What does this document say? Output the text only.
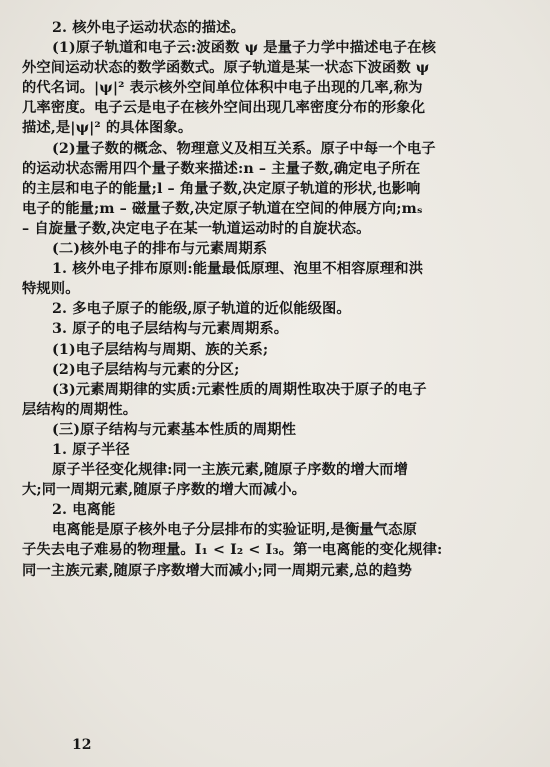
2. 核外电子运动状态的描述。
(1)原子轨道和电子云:波函数 ψ 是量子力学中描述电子在核
外空间运动状态的数学函数式。原子轨道是某一状态下波函数 ψ
的代名词。|ψ|² 表示核外空间单位体积中电子出现的几率,称为
几率密度。电子云是电子在核外空间出现几率密度分布的形象化
描述,是|ψ|² 的具体图象。
(2)量子数的概念、物理意义及相互关系。原子中每一个电子
的运动状态需用四个量子数来描述:n – 主量子数,确定电子所在
的主层和电子的能量;l – 角量子数,决定原子轨道的形状,也影响
电子的能量;m – 磁量子数,决定原子轨道在空间的伸展方向;mₛ
– 自旋量子数,决定电子在某一轨道运动时的自旋状态。
(二)核外电子的排布与元素周期系
1. 核外电子排布原则:能量最低原理、泡里不相容原理和洪
特规则。
2. 多电子原子的能级,原子轨道的近似能级图。
3. 原子的电子层结构与元素周期系。
(1)电子层结构与周期、族的关系;
(2)电子层结构与元素的分区;
(3)元素周期律的实质:元素性质的周期性取决于原子的电子
层结构的周期性。
(三)原子结构与元素基本性质的周期性
1. 原子半径
原子半径变化规律:同一主族元素,随原子序数的增大而增
大;同一周期元素,随原子序数的增大而减小。
2. 电离能
电离能是原子核外电子分层排布的实验证明,是衡量气态原
子失去电子难易的物理量。I₁ < I₂ < I₃。第一电离能的变化规律:
同一主族元素,随原子序数增大而减小;同一周期元素,总的趋势
12
